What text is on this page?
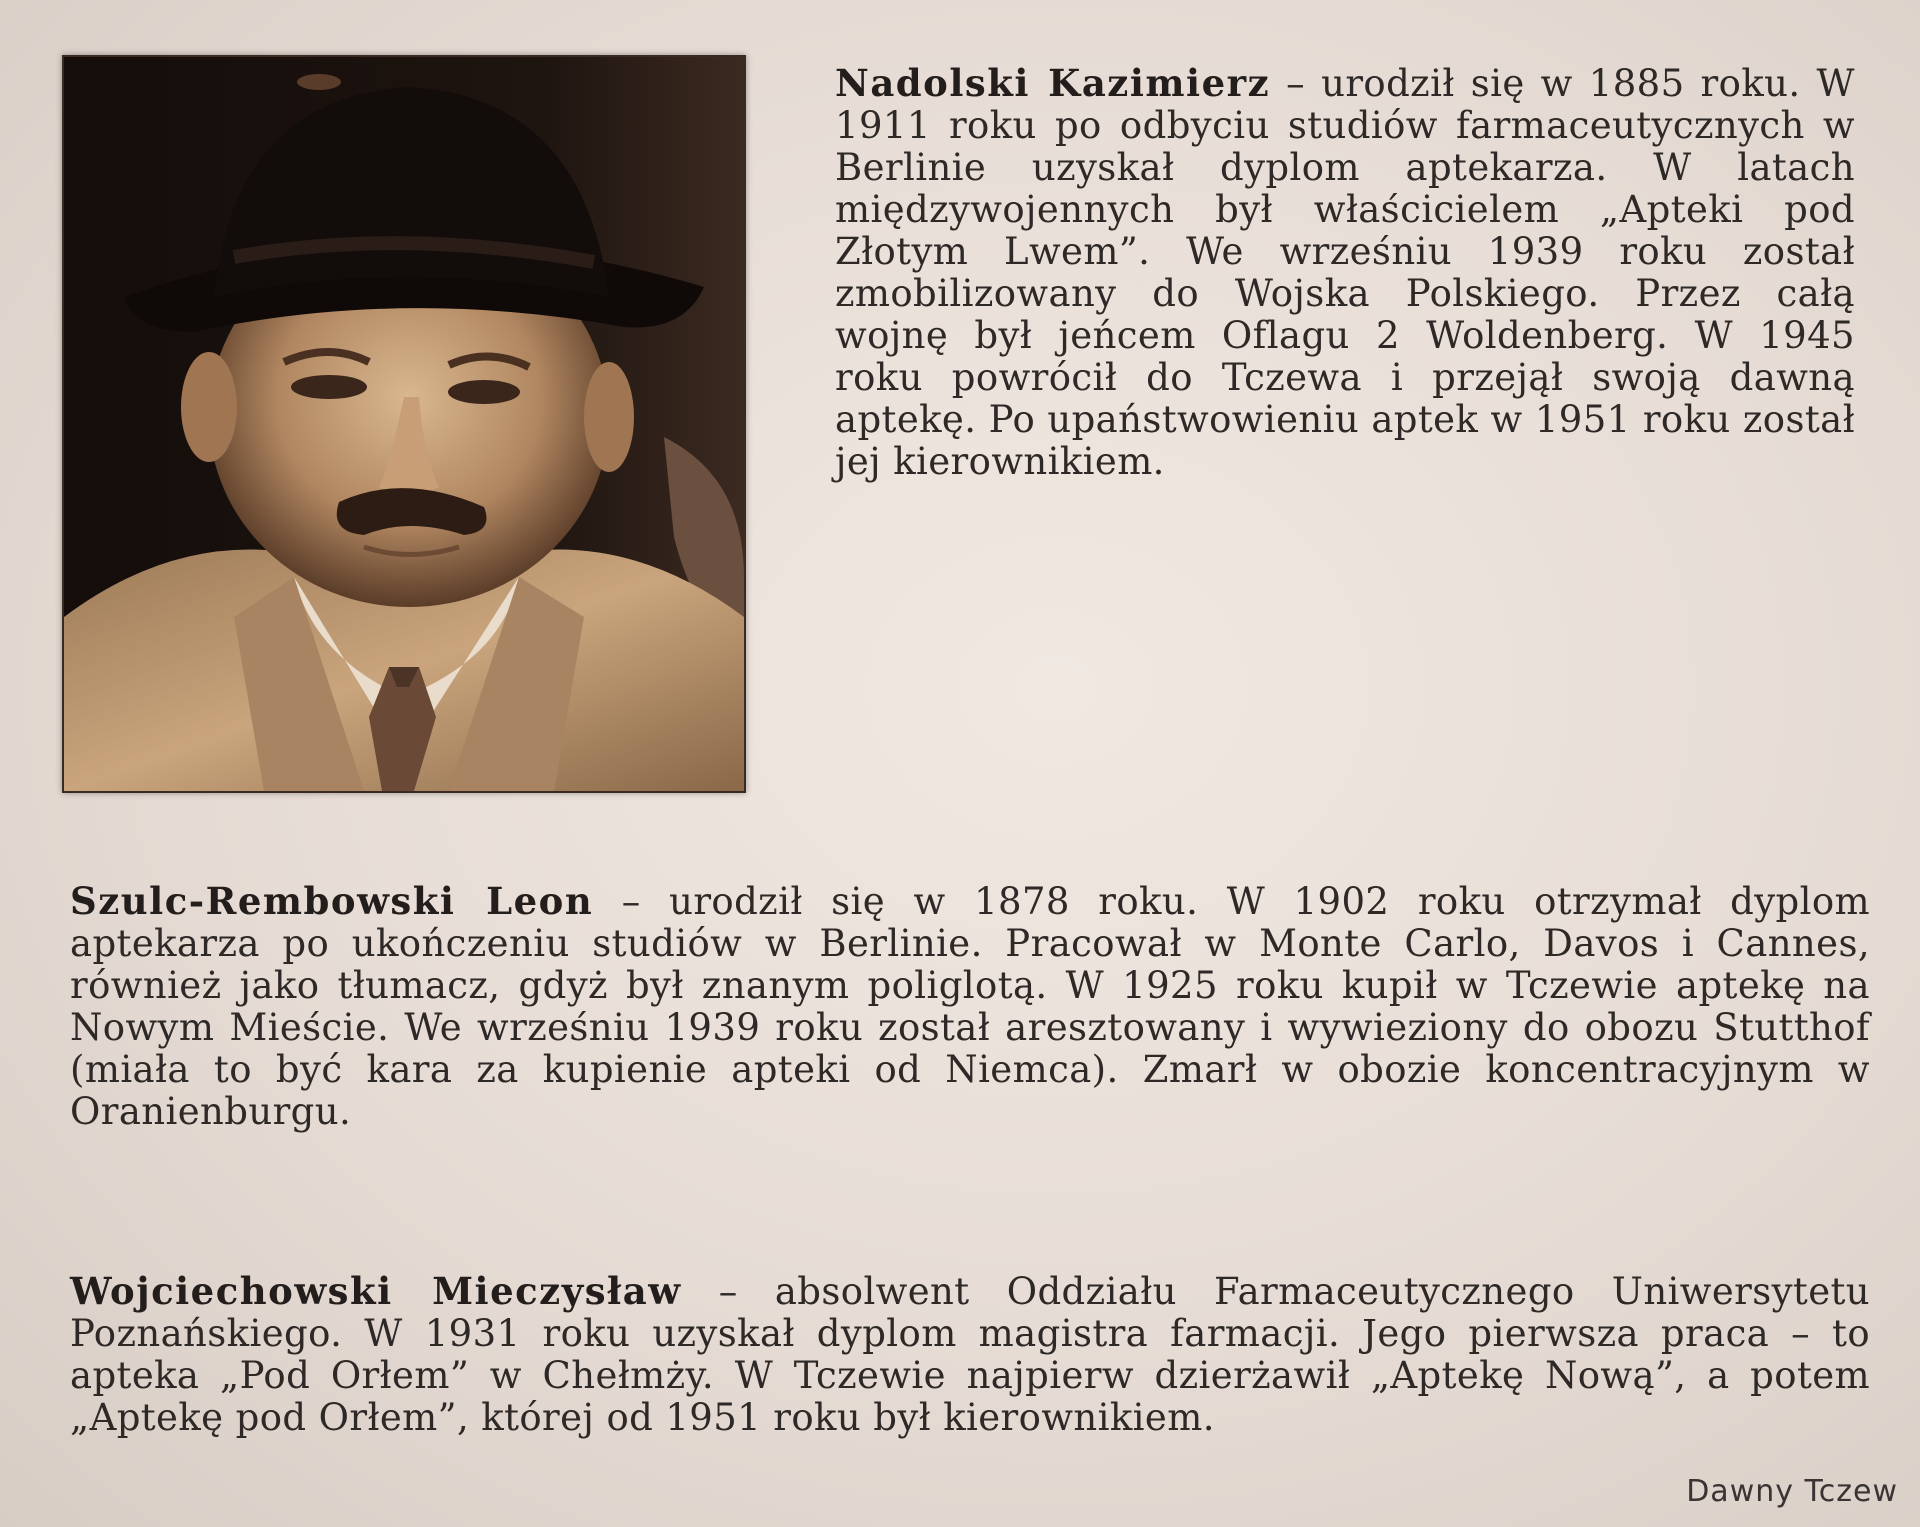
Nadolski Kazimierz – urodził się w 1885 roku. W 1911 roku po odbyciu studiów farmaceutycznych w Berlinie uzyskał dyplom aptekarza. W latach międzywojennych był właścicielem „Apteki pod Złotym Lwem”. We wrześniu 1939 roku został zmobilizowany do Wojska Polskiego. Przez całą wojnę był jeńcem Oflagu 2 Woldenberg. W 1945 roku powrócił do Tczewa i przejął swoją dawną aptekę. Po upaństwowieniu aptek w 1951 roku został jej kierownikiem.
Szulc-Rembowski Leon – urodził się w 1878 roku. W 1902 roku otrzymał dyplom aptekarza po ukończeniu studiów w Berlinie. Pracował w Monte Carlo, Davos i Cannes, również jako tłumacz, gdyż był znanym poliglotą. W 1925 roku kupił w Tczewie aptekę na Nowym Mieście. We wrześniu 1939 roku został aresztowany i wywieziony do obozu Stutthof (miała to być kara za kupienie apteki od Niemca). Zmarł w obozie koncentracyjnym w Oranienburgu.
Wojciechowski Mieczysław – absolwent Oddziału Farmaceutycznego Uniwersytetu Poznańskiego. W 1931 roku uzyskał dyplom magistra farmacji. Jego pierwsza praca – to apteka „Pod Orłem” w Chełmży. W Tczewie najpierw dzierżawił „Aptekę Nową”, a potem „Aptekę pod Orłem”, której od 1951 roku był kierownikiem.
Dawny Tczew
